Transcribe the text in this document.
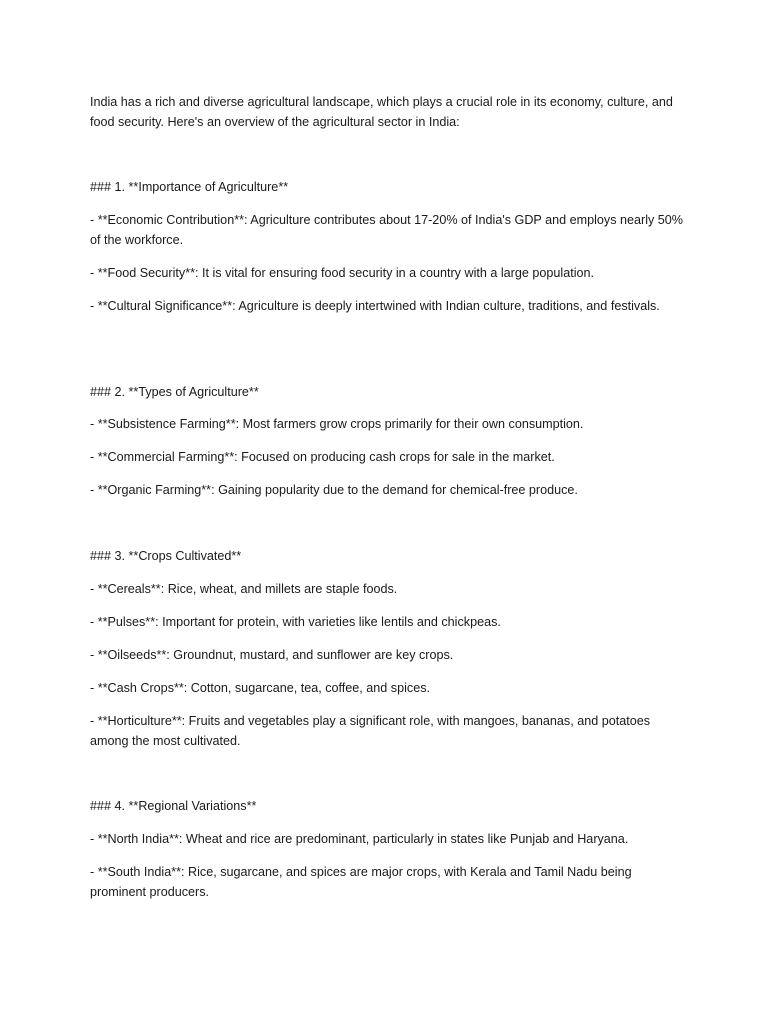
India has a rich and diverse agricultural landscape, which plays a crucial role in its economy, culture, and food security. Here's an overview of the agricultural sector in India:

### 1. **Importance of Agriculture**

- **Economic Contribution**: Agriculture contributes about 17-20% of India's GDP and employs nearly 50% of the workforce.

- **Food Security**: It is vital for ensuring food security in a country with a large population.

- **Cultural Significance**: Agriculture is deeply intertwined with Indian culture, traditions, and festivals.

### 2. **Types of Agriculture**

- **Subsistence Farming**: Most farmers grow crops primarily for their own consumption.

- **Commercial Farming**: Focused on producing cash crops for sale in the market.

- **Organic Farming**: Gaining popularity due to the demand for chemical-free produce.

### 3. **Crops Cultivated**

- **Cereals**: Rice, wheat, and millets are staple foods.

- **Pulses**: Important for protein, with varieties like lentils and chickpeas.

- **Oilseeds**: Groundnut, mustard, and sunflower are key crops.

- **Cash Crops**: Cotton, sugarcane, tea, coffee, and spices.

- **Horticulture**: Fruits and vegetables play a significant role, with mangoes, bananas, and potatoes among the most cultivated.

### 4. **Regional Variations**

- **North India**: Wheat and rice are predominant, particularly in states like Punjab and Haryana.

- **South India**: Rice, sugarcane, and spices are major crops, with Kerala and Tamil Nadu being prominent producers.
